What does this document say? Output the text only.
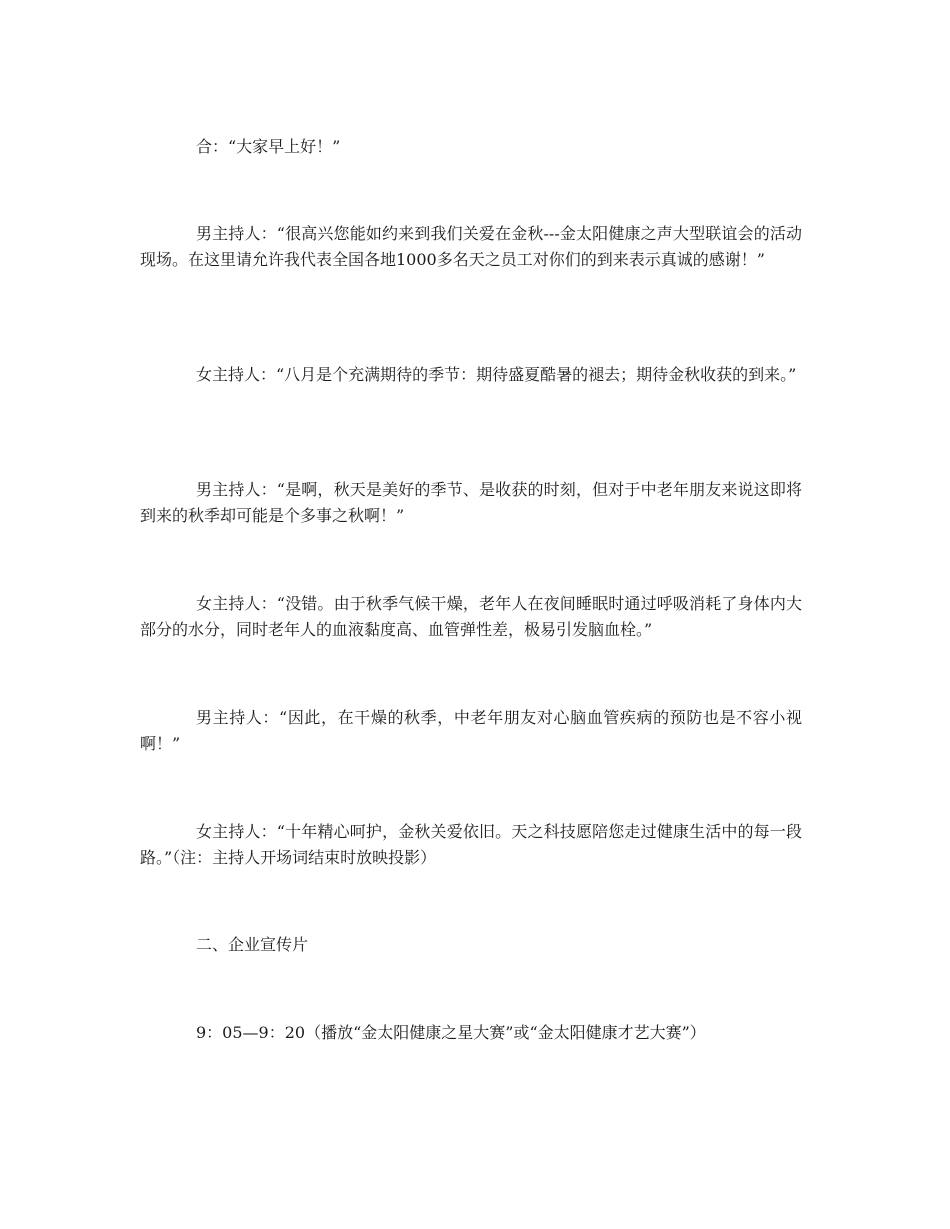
合：“大家早上好！”

男主持人：“很高兴您能如约来到我们关爱在金秋---金太阳健康之声大型联谊会的活动现场。在这里请允许我代表全国各地1000多名天之员工对你们的到来表示真诚的感谢！”

女主持人：“八月是个充满期待的季节：期待盛夏酷暑的褪去；期待金秋收获的到来。”

男主持人：“是啊，秋天是美好的季节、是收获的时刻，但对于中老年朋友来说这即将到来的秋季却可能是个多事之秋啊！”

女主持人：“没错。由于秋季气候干燥，老年人在夜间睡眠时通过呼吸消耗了身体内大部分的水分，同时老年人的血液黏度高、血管弹性差，极易引发脑血栓。”

男主持人：“因此，在干燥的秋季，中老年朋友对心脑血管疾病的预防也是不容小视啊！”

女主持人：“十年精心呵护，金秋关爱依旧。天之科技愿陪您走过健康生活中的每一段路。”（注：主持人开场词结束时放映投影）

二、企业宣传片

9：05—9：20（播放“金太阳健康之星大赛”或“金太阳健康才艺大赛”）
